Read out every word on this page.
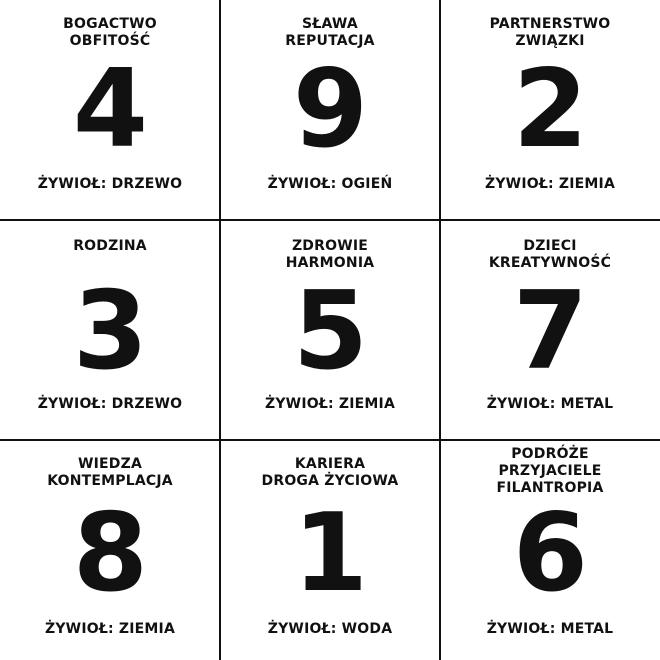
BOGACTWO
OBFITOŚĆ
4
ŻYWIOŁ: DRZEWO
SŁAWA
REPUTACJA
9
ŻYWIOŁ: OGIEŃ
PARTNERSTWO
ZWIĄZKI
2
ŻYWIOŁ: ZIEMIA
RODZINA
3
ŻYWIOŁ: DRZEWO
ZDROWIE
HARMONIA
5
ŻYWIOŁ: ZIEMIA
DZIECI
KREATYWNOŚĆ
7
ŻYWIOŁ: METAL
WIEDZA
KONTEMPLACJA
8
ŻYWIOŁ: ZIEMIA
KARIERA
DROGA ŻYCIOWA
1
ŻYWIOŁ: WODA
PODRÓŻE
PRZYJACIELE
FILANTROPIA
6
ŻYWIOŁ: METAL
